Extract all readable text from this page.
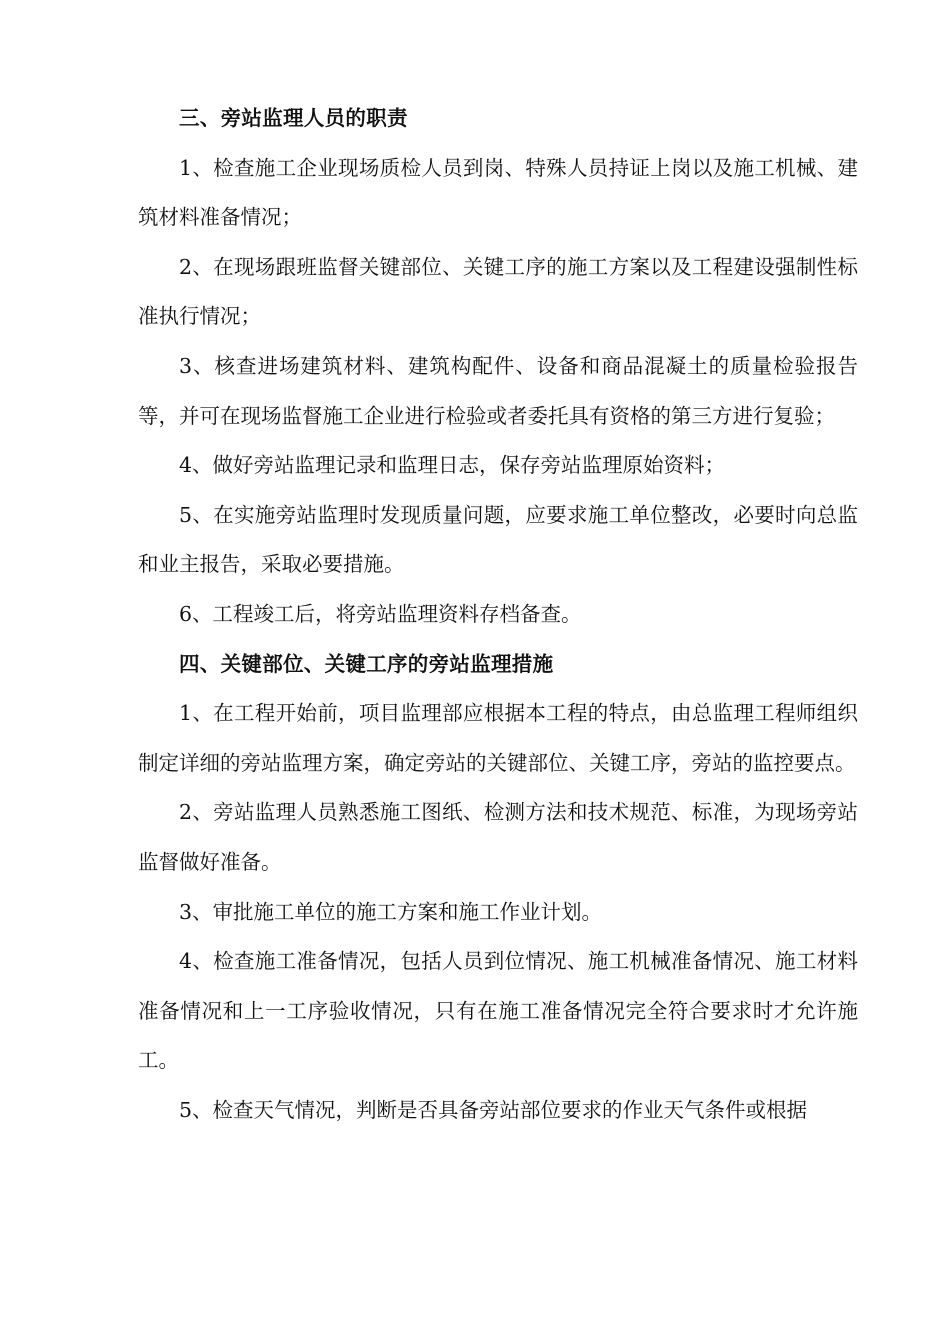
三、旁站监理人员的职责

1、检查施工企业现场质检人员到岗、特殊人员持证上岗以及施工机械、建筑材料准备情况；

2、在现场跟班监督关键部位、关键工序的施工方案以及工程建设强制性标准执行情况；

3、核查进场建筑材料、建筑构配件、设备和商品混凝土的质量检验报告等，并可在现场监督施工企业进行检验或者委托具有资格的第三方进行复验；

4、做好旁站监理记录和监理日志，保存旁站监理原始资料；

5、在实施旁站监理时发现质量问题，应要求施工单位整改，必要时向总监和业主报告，采取必要措施。

6、工程竣工后，将旁站监理资料存档备查。

四、关键部位、关键工序的旁站监理措施

1、在工程开始前，项目监理部应根据本工程的特点，由总监理工程师组织制定详细的旁站监理方案，确定旁站的关键部位、关键工序，旁站的监控要点。

2、旁站监理人员熟悉施工图纸、检测方法和技术规范、标准，为现场旁站监督做好准备。

3、审批施工单位的施工方案和施工作业计划。

4、检查施工准备情况，包括人员到位情况、施工机械准备情况、施工材料准备情况和上一工序验收情况，只有在施工准备情况完全符合要求时才允许施工。

5、检查天气情况，判断是否具备旁站部位要求的作业天气条件或根据
